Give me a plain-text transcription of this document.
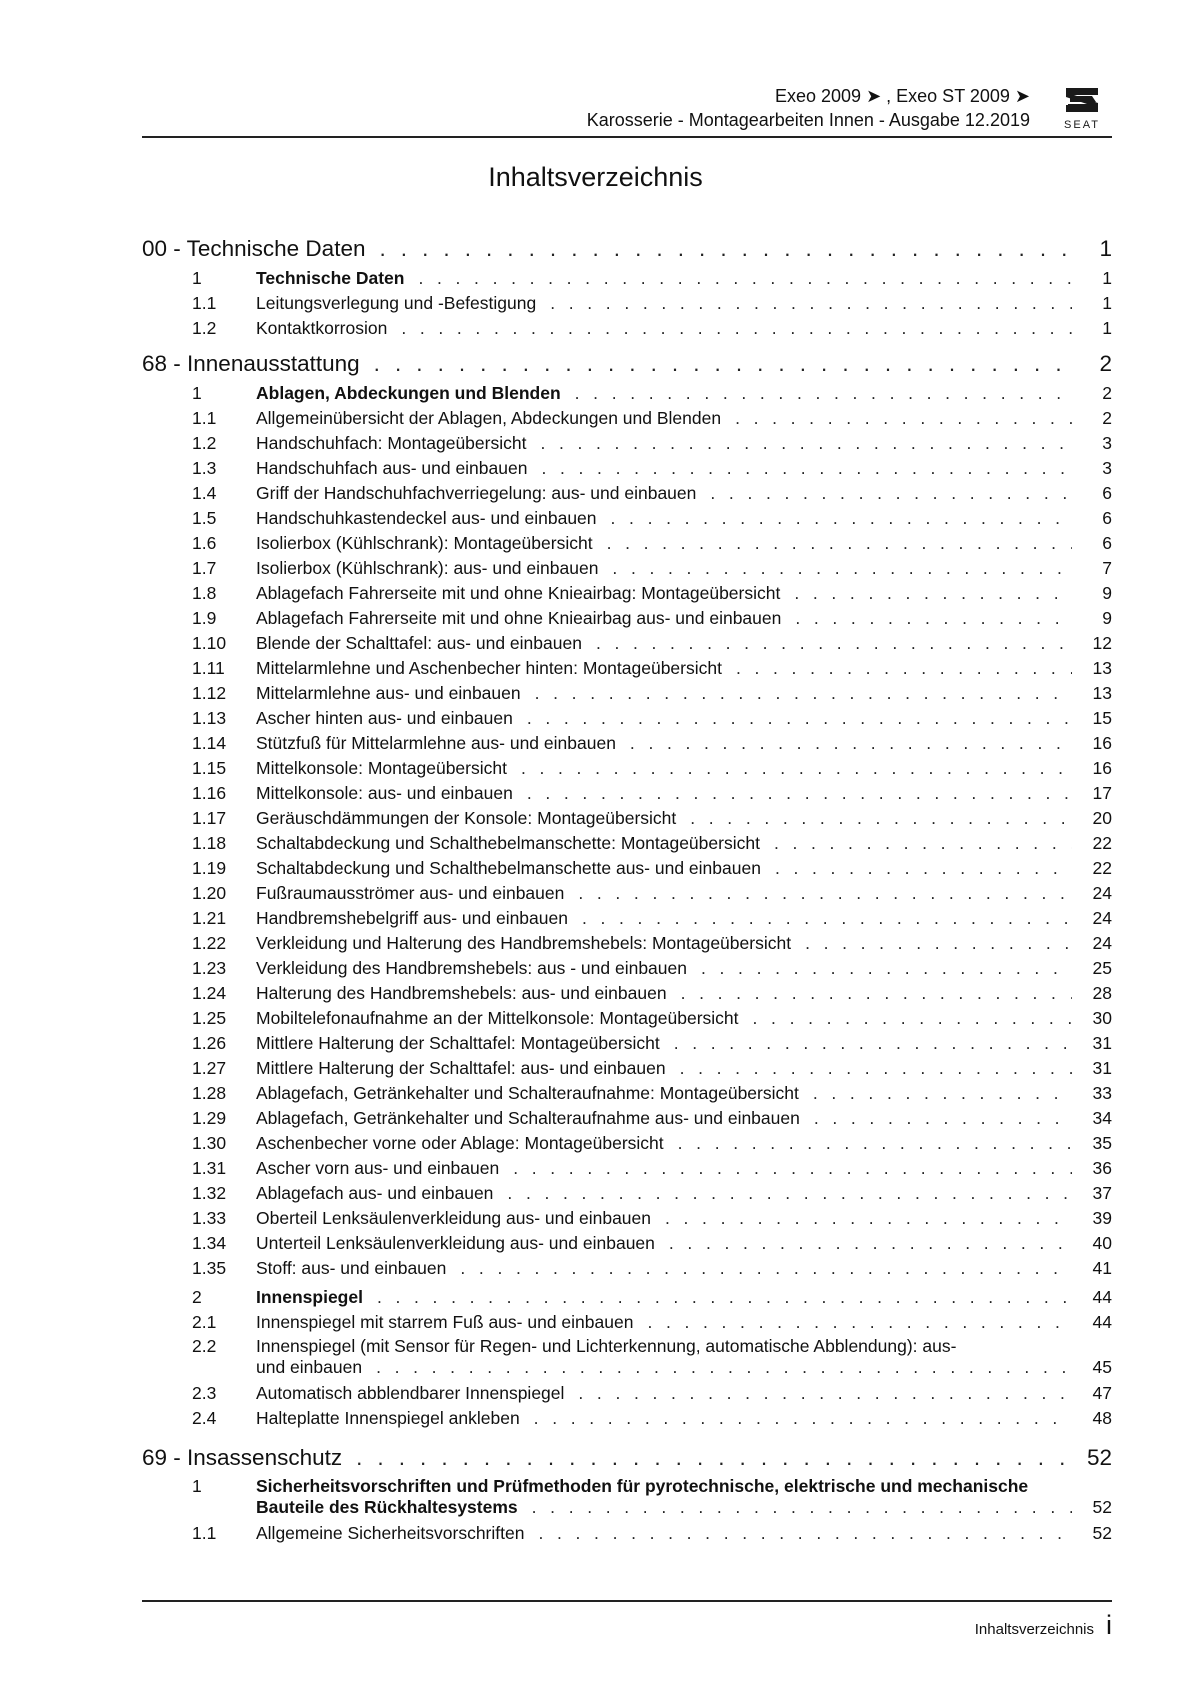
Exeo 2009 ➤ , Exeo ST 2009 ➤
Karosserie - Montagearbeiten Innen - Ausgabe 12.2019	SEAT
Inhaltsverzeichnis
00 - Technische Daten . . .	1
1	Technische Daten . . .	1
1.1	Leitungsverlegung und -Befestigung . . .	1
1.2	Kontaktkorrosion . . .	1
68 - Innenausstattung . . .	2
1	Ablagen, Abdeckungen und Blenden . . .	2
1.1	Allgemeinübersicht der Ablagen, Abdeckungen und Blenden . . .	2
1.2	Handschuhfach: Montageübersicht . . .	3
1.3	Handschuhfach aus- und einbauen . . .	3
1.4	Griff der Handschuhfachverriegelung: aus- und einbauen . . .	6
1.5	Handschuhkastendeckel aus- und einbauen . . .	6
1.6	Isolierbox (Kühlschrank): Montageübersicht . . .	6
1.7	Isolierbox (Kühlschrank): aus- und einbauen . . .	7
1.8	Ablagefach Fahrerseite mit und ohne Knieairbag: Montageübersicht . . .	9
1.9	Ablagefach Fahrerseite mit und ohne Knieairbag aus- und einbauen . . .	9
1.10	Blende der Schalttafel: aus- und einbauen . . .	12
1.11	Mittelarmlehne und Aschenbecher hinten: Montageübersicht . . .	13
1.12	Mittelarmlehne aus- und einbauen . . .	13
1.13	Ascher hinten aus- und einbauen . . .	15
1.14	Stützfuß für Mittelarmlehne aus- und einbauen . . .	16
1.15	Mittelkonsole: Montageübersicht . . .	16
1.16	Mittelkonsole: aus- und einbauen . . .	17
1.17	Geräuschdämmungen der Konsole: Montageübersicht . . .	20
1.18	Schaltabdeckung und Schalthebelmanschette: Montageübersicht . . .	22
1.19	Schaltabdeckung und Schalthebelmanschette aus- und einbauen . . .	22
1.20	Fußraumausströmer aus- und einbauen . . .	24
1.21	Handbremshebelgriff aus- und einbauen . . .	24
1.22	Verkleidung und Halterung des Handbremshebels: Montageübersicht . . .	24
1.23	Verkleidung des Handbremshebels: aus - und einbauen . . .	25
1.24	Halterung des Handbremshebels: aus- und einbauen . . .	28
1.25	Mobiltelefonaufnahme an der Mittelkonsole: Montageübersicht . . .	30
1.26	Mittlere Halterung der Schalttafel: Montageübersicht . . .	31
1.27	Mittlere Halterung der Schalttafel: aus- und einbauen . . .	31
1.28	Ablagefach, Getränkehalter und Schalteraufnahme: Montageübersicht . . .	33
1.29	Ablagefach, Getränkehalter und Schalteraufnahme aus- und einbauen . . .	34
1.30	Aschenbecher vorne oder Ablage: Montageübersicht . . .	35
1.31	Ascher vorn aus- und einbauen . . .	36
1.32	Ablagefach aus- und einbauen . . .	37
1.33	Oberteil Lenksäulenverkleidung aus- und einbauen . . .	39
1.34	Unterteil Lenksäulenverkleidung aus- und einbauen . . .	40
1.35	Stoff: aus- und einbauen . . .	41
2	Innenspiegel . . .	44
2.1	Innenspiegel mit starrem Fuß aus- und einbauen . . .	44
2.2	Innenspiegel (mit Sensor für Regen- und Lichterkennung, automatische Abblendung): aus-
und einbauen . . .	45
2.3	Automatisch abblendbarer Innenspiegel . . .	47
2.4	Halteplatte Innenspiegel ankleben . . .	48
69 - Insassenschutz . . .	52
1	Sicherheitsvorschriften und Prüfmethoden für pyrotechnische, elektrische und mechanische
Bauteile des Rückhaltesystems . . .	52
1.1	Allgemeine Sicherheitsvorschriften . . .	52
Inhaltsverzeichnis i
